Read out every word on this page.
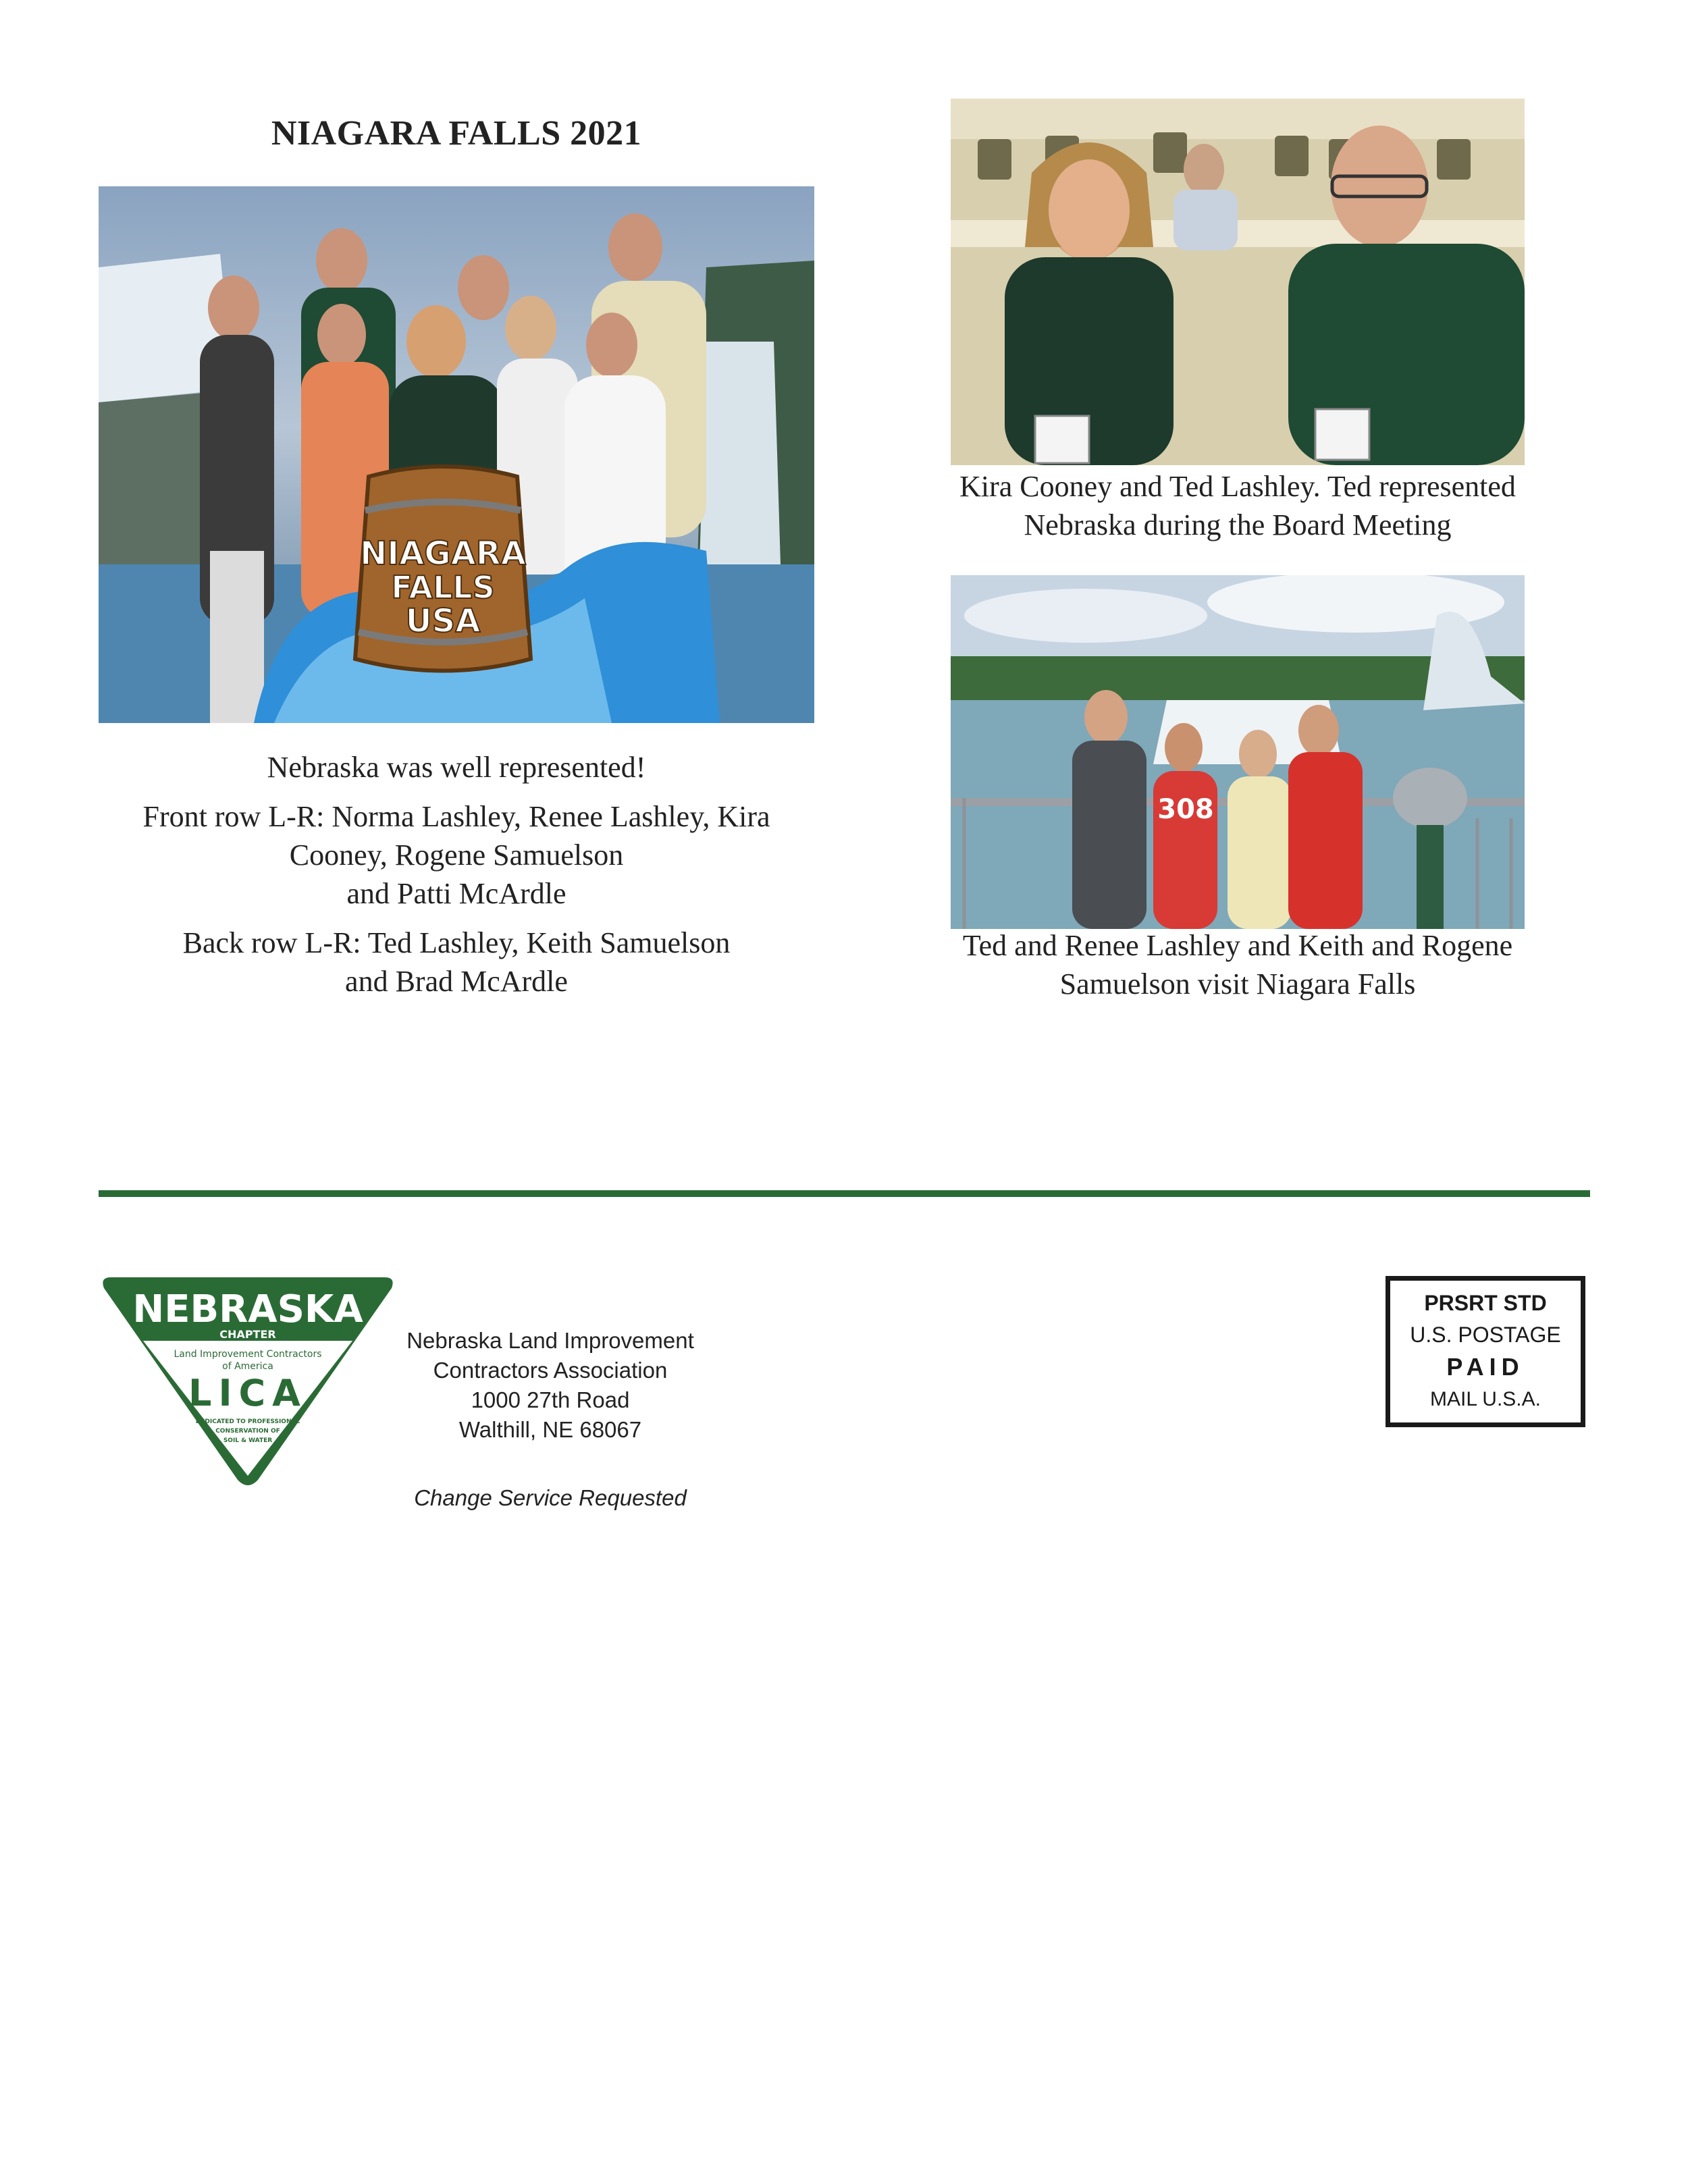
NIAGARA FALLS 2021
NIAGARA
FALLS
USA

Nebraska was well represented!

Front row L-R: Norma Lashley, Renee Lashley, Kira

Cooney, Rogene Samuelson

and Patti McArdle

Back row L-R: Ted Lashley, Keith Samuelson

and Brad McArdle

Kira Cooney and Ted Lashley. Ted represented

Nebraska during the Board Meeting

308

Ted and Renee Lashley and Keith and Rogene

Samuelson visit Niagara Falls

NEBRASKA
CHAPTER
Land Improvement Contractors
of America
LICA
DEDICATED TO PROFESSIONAL
CONSERVATION OF
SOIL & WATER
Nebraska Land Improvement
Contractors Association
1000 27th Road
Walthill, NE 68067
Change Service Requested
PRSRT STD
U.S. POSTAGE
PAID
MAIL U.S.A.
